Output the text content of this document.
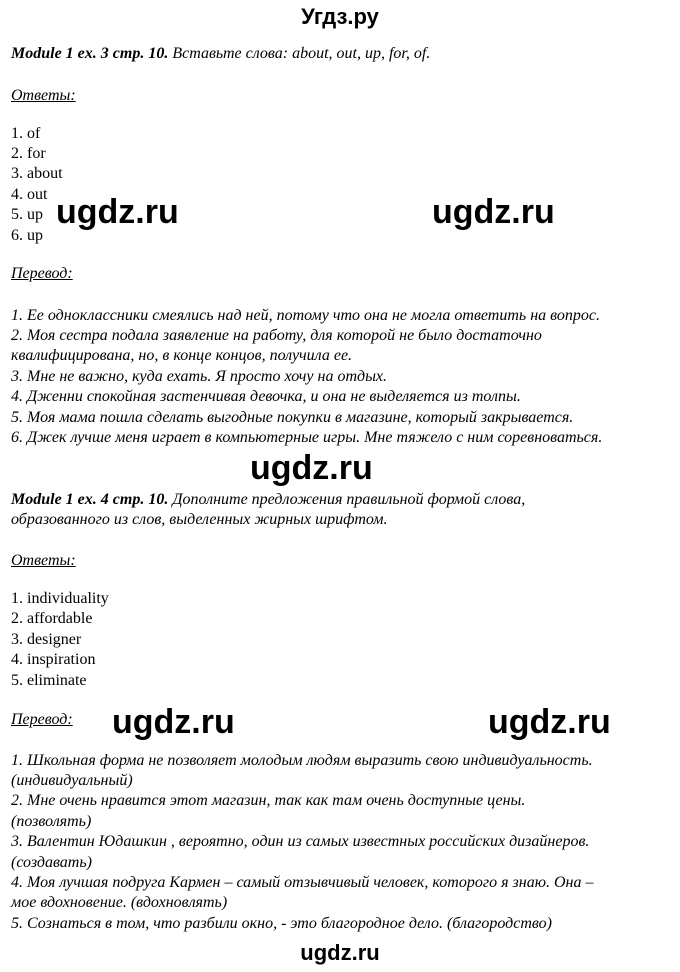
Угдз.ру
Module 1 ex. 3 стр. 10. Вставьте слова: about, out, up, for, of.
Ответы:
1. of
2. for
3. about
4. out
5. up
6. up
Перевод:
1. Ее одноклассники смеялись над ней, потому что она не могла ответить на вопрос.
2. Моя сестра подала заявление на работу, для которой не было достаточно
квалифицирована, но, в конце концов, получила ее.
3. Мне не важно, куда ехать. Я просто хочу на отдых.
4. Дженни спокойная застенчивая девочка, и она не выделяется из толпы.
5. Моя мама пошла сделать выгодные покупки в магазине, который закрывается.
6. Джек лучше меня играет в компьютерные игры. Мне тяжело с ним соревноваться.
Module 1 ex. 4 стр. 10. Дополните предложения правильной формой слова,
образованного из слов, выделенных жирных шрифтом.
Ответы:
1. individuality
2. affordable
3. designer
4. inspiration
5. eliminate
Перевод:
1. Школьная форма не позволяет молодым людям выразить свою индивидуальность.
(индивидуальный)
2. Мне очень нравится этот магазин, так как там очень доступные цены.
(позволять)
3. Валентин Юдашкин , вероятно, один из самых известных российских дизайнеров.
(создавать)
4. Моя лучшая подруга Кармен – самый отзывчивый человек, которого я знаю. Она –
мое вдохновение. (вдохновлять)
5. Сознаться в том, что разбили окно, - это благородное дело. (благородство)
ugdz.ru	ugdz.ru
ugdz.ru
ugdz.ru	ugdz.ru
ugdz.ru
